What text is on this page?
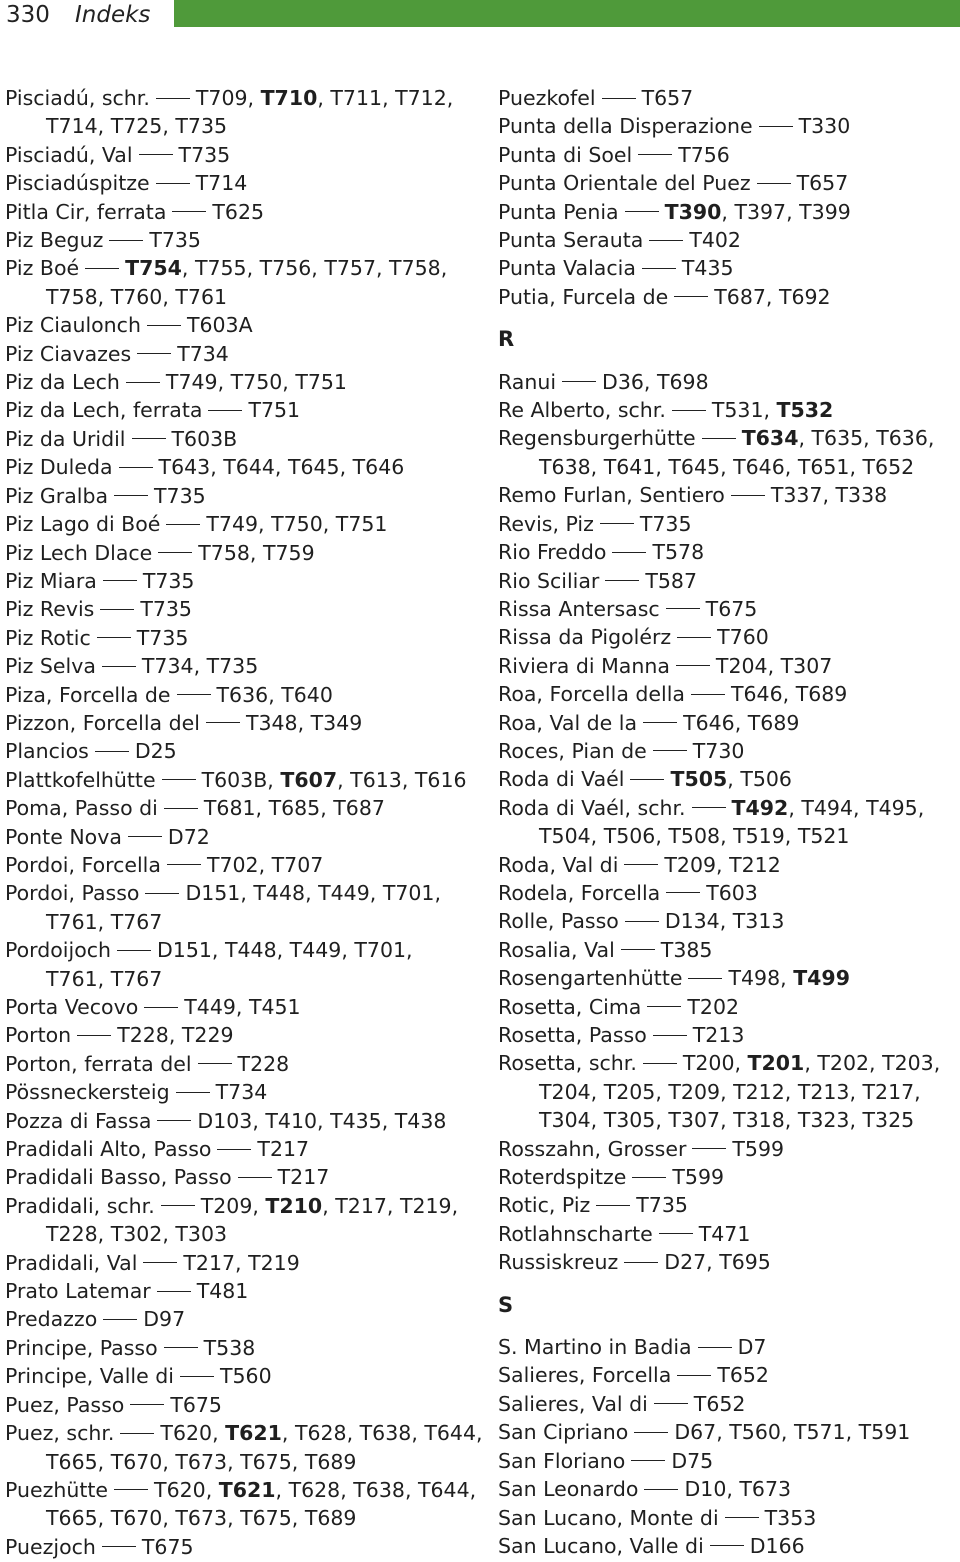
330 Indeks
Pisciadú, schr. T709, T710, T711, T712,
T714, T725, T735
Pisciadú, Val T735
Pisciadúspitze T714
Pitla Cir, ferrata T625
Piz Beguz T735
Piz Boé T754, T755, T756, T757, T758,
T758, T760, T761
Piz Ciaulonch T603A
Piz Ciavazes T734
Piz da Lech T749, T750, T751
Piz da Lech, ferrata T751
Piz da Uridil T603B
Piz Duleda T643, T644, T645, T646
Piz Gralba T735
Piz Lago di Boé T749, T750, T751
Piz Lech Dlace T758, T759
Piz Miara T735
Piz Revis T735
Piz Rotic T735
Piz Selva T734, T735
Piza, Forcella de T636, T640
Pizzon, Forcella del T348, T349
Plancios D25
Plattkofelhütte T603B, T607, T613, T616
Poma, Passo di T681, T685, T687
Ponte Nova D72
Pordoi, Forcella T702, T707
Pordoi, Passo D151, T448, T449, T701,
T761, T767
Pordoijoch D151, T448, T449, T701,
T761, T767
Porta Vecovo T449, T451
Porton T228, T229
Porton, ferrata del T228
Pössneckersteig T734
Pozza di Fassa D103, T410, T435, T438
Pradidali Alto, Passo T217
Pradidali Basso, Passo T217
Pradidali, schr. T209, T210, T217, T219,
T228, T302, T303
Pradidali, Val T217, T219
Prato Latemar T481
Predazzo D97
Principe, Passo T538
Principe, Valle di T560
Puez, Passo T675
Puez, schr. T620, T621, T628, T638, T644,
T665, T670, T673, T675, T689
Puezhütte T620, T621, T628, T638, T644,
T665, T670, T673, T675, T689
Puezjoch T675
Puezkofel T657
Punta della Disperazione T330
Punta di Soel T756
Punta Orientale del Puez T657
Punta Penia T390, T397, T399
Punta Serauta T402
Punta Valacia T435
Putia, Furcela de T687, T692
R
Ranui D36, T698
Re Alberto, schr. T531, T532
Regensburgerhütte T634, T635, T636,
T638, T641, T645, T646, T651, T652
Remo Furlan, Sentiero T337, T338
Revis, Piz T735
Rio Freddo T578
Rio Sciliar T587
Rissa Antersasc T675
Rissa da Pigolérz T760
Riviera di Manna T204, T307
Roa, Forcella della T646, T689
Roa, Val de la T646, T689
Roces, Pian de T730
Roda di Vaél T505, T506
Roda di Vaél, schr. T492, T494, T495,
T504, T506, T508, T519, T521
Roda, Val di T209, T212
Rodela, Forcella T603
Rolle, Passo D134, T313
Rosalia, Val T385
Rosengartenhütte T498, T499
Rosetta, Cima T202
Rosetta, Passo T213
Rosetta, schr. T200, T201, T202, T203,
T204, T205, T209, T212, T213, T217,
T304, T305, T307, T318, T323, T325
Rosszahn, Grosser T599
Roterdspitze T599
Rotic, Piz T735
Rotlahnscharte T471
Russiskreuz D27, T695
S
S. Martino in Badia D7
Salieres, Forcella T652
Salieres, Val di T652
San Cipriano D67, T560, T571, T591
San Floriano D75
San Leonardo D10, T673
San Lucano, Monte di T353
San Lucano, Valle di D166
